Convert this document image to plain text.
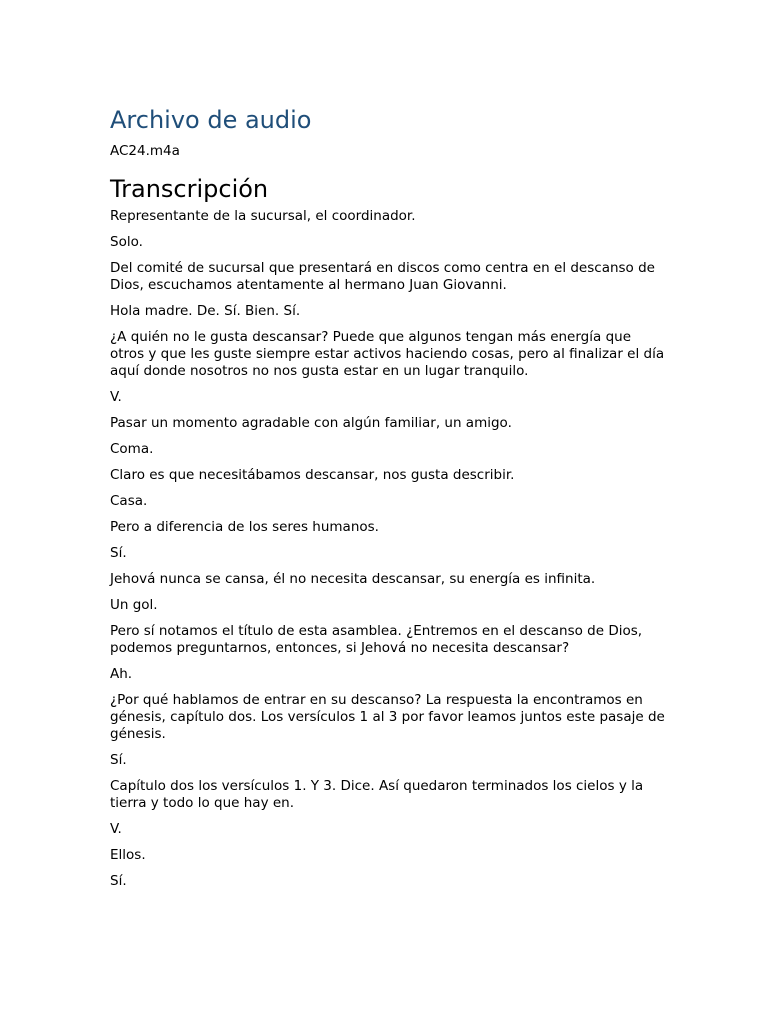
Archivo de audio
AC24.m4a
Transcripción

Representante de la sucursal, el coordinador.

Solo.

Del comité de sucursal que presentará en discos como centra en el descanso de Dios, escuchamos atentamente al hermano Juan Giovanni.

Hola madre. De. Sí. Bien. Sí.

¿A quién no le gusta descansar? Puede que algunos tengan más energía que otros y que les guste siempre estar activos haciendo cosas, pero al finalizar el día aquí donde nosotros no nos gusta estar en un lugar tranquilo.

V.

Pasar un momento agradable con algún familiar, un amigo.

Coma.

Claro es que necesitábamos descansar, nos gusta describir.

Casa.

Pero a diferencia de los seres humanos.

Sí.

Jehová nunca se cansa, él no necesita descansar, su energía es infinita.

Un gol.

Pero sí notamos el título de esta asamblea. ¿Entremos en el descanso de Dios, podemos preguntarnos, entonces, si Jehová no necesita descansar?

Ah.

¿Por qué hablamos de entrar en su descanso? La respuesta la encontramos en génesis, capítulo dos. Los versículos 1 al 3 por favor leamos juntos este pasaje de génesis.

Sí.

Capítulo dos los versículos 1. Y 3. Dice. Así quedaron terminados los cielos y la tierra y todo lo que hay en.

V.

Ellos.

Sí.
